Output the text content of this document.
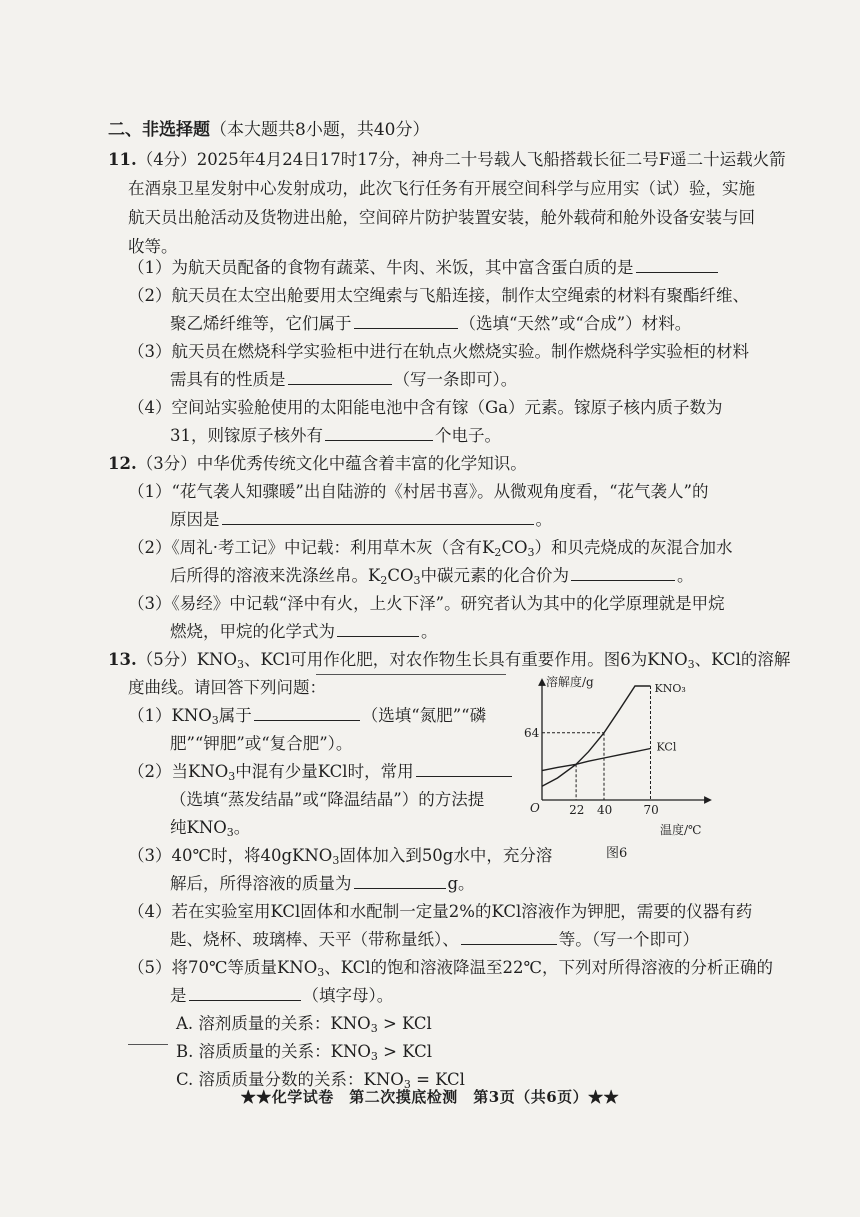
二、非选择题（本大题共8小题，共40分）
11.（4分）2025年4月24日17时17分，神舟二十号载人飞船搭载长征二号F遥二十运载火箭
在酒泉卫星发射中心发射成功，此次飞行任务有开展空间科学与应用实（试）验，实施
航天员出舱活动及货物进出舱，空间碎片防护装置安装，舱外载荷和舱外设备安装与回
收等。
（1）为航天员配备的食物有蔬菜、牛肉、米饭，其中富含蛋白质的是
（2）航天员在太空出舱要用太空绳索与飞船连接，制作太空绳索的材料有聚酯纤维、
聚乙烯纤维等，它们属于	（选填“天然”或“合成”）材料。
（3）航天员在燃烧科学实验柜中进行在轨点火燃烧实验。制作燃烧科学实验柜的材料
需具有的性质是	（写一条即可）。
（4）空间站实验舱使用的太阳能电池中含有镓（Ga）元素。镓原子核内质子数为
31，则镓原子核外有	个电子。
12.（3分）中华优秀传统文化中蕴含着丰富的化学知识。
（1）“花气袭人知骤暖”出自陆游的《村居书喜》。从微观角度看，“花气袭人”的
原因是	。
（2）《周礼·考工记》中记载：利用草木灰（含有$K_2CO_3$）和贝壳烧成的灰混合加水
后所得的溶液来洗涤丝帛。$K_2CO_3$中碳元素的化合价为	。
（3）《易经》中记载“泽中有火，上火下泽”。研究者认为其中的化学原理就是甲烷
燃烧，甲烷的化学式为	。
13.（5分）$KNO_3$、KCl可用作化肥，对农作物生长具有重要作用。图6为$KNO_3$、KCl的溶解
度曲线。请回答下列问题：
$(1)KNO_3$属于	（选填“氮肥”“磷
肥”“钾肥”或“复合肥”）。
（2）当$KNO_3$中混有少量KCl时，常用
（选填“蒸发结晶”或“降温结晶”）的方法提
纯$KNO_3$。
（3）40℃时，将40gKNO$_3$固体加入到50g水中，充分溶
解后，所得溶液的质量为	g。
（4）若在实验室用KCl固体和水配制一定量2%的KCl溶液作为钾肥，需要的仪器有药
匙、烧杯、玻璃棒、天平（带称量纸）、	等。（写一个即可）
（5）将70℃等质量$KNO_3$、KCl的饱和溶液降温至22℃，下列对所得溶液的分析正确的
是	（填字母）。
A. 溶剂质量的关系：$KNO_3$ > KCl
B. 溶质质量的关系：$KNO_3$ > KCl
C. 溶质质量分数的关系：$KNO_3$ = KCl
溶解度/g
O
64
22 40	70
KNO₃
KCl
温度/℃
图6
★★化学试卷　第二次摸底检测　第3页（共6页）★★
